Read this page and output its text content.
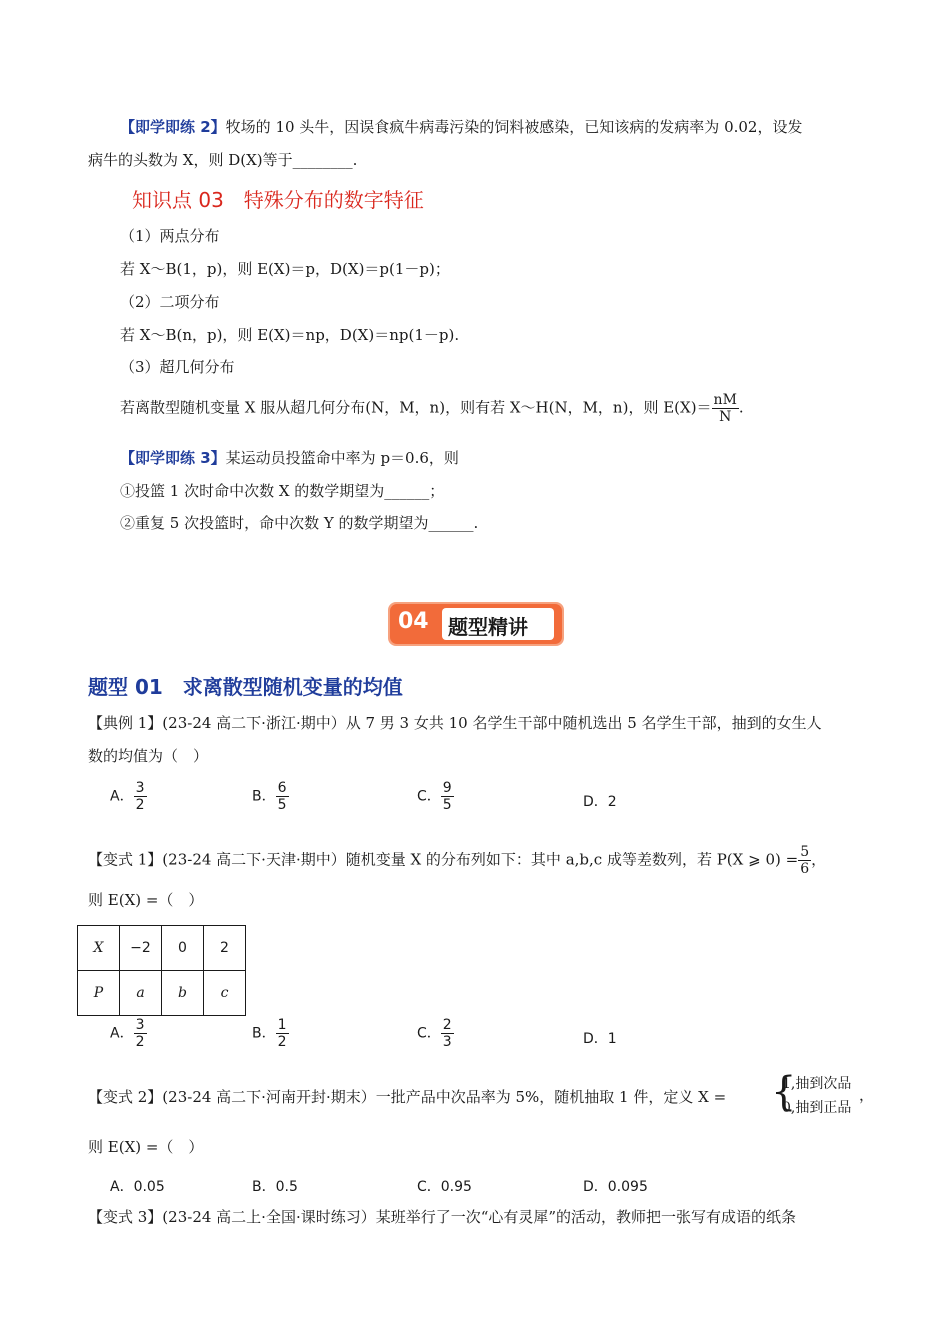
【即学即练 2】牧场的 10 头牛，因误食疯牛病毒污染的饲料被感染，已知该病的发病率为 0.02，设发
病牛的头数为 X，则 D(X)等于________.
知识点 03　特殊分布的数字特征
（1）两点分布
若 X～B(1，p)，则 E(X)＝p，D(X)＝p(1－p)；
（2）二项分布
若 X～B(n，p)，则 E(X)＝np，D(X)＝np(1－p).
（3）超几何分布
若离散型随机变量 X 服从超几何分布(N，M，n)，则有若 X～H(N，M，n)，则 $E(X)= \frac{nM}{N}$ .
【即学即练 3】某运动员投篮命中率为 p＝0.6，则
①投篮 1 次时命中次数 X 的数学期望为______；
②重复 5 次投篮时，命中次数 Y 的数学期望为______.
04 题型精讲
题型 01　求离散型随机变量的均值
【典例 1】(23-24 高二下·浙江·期中）从 7 男 3 女共 10 名学生干部中随机选出 5 名学生干部，抽到的女生人
数的均值为（　）
A． $\frac{3}{2}$	B． $\frac{6}{5}$	C． $\frac{9}{5}$	D．2
【变式 1】(23-24 高二下·天津·期中）随机变量 X 的分布列如下：其中 a,b,c 成等差数列，若 P(X ⩾ $0) = \frac{5}{6}$ ，
则 E(X) =（　）
X	−2	0	2
P	a	b	c
A． $\frac{3}{2}$	B． $\frac{1}{2}$	C． $\frac{2}{3}$	D．1
【变式 2】(23-24 高二下·河南开封·期末）一批产品中次品率为 5%，随机抽取 1 件，定义 X = {
1,抽到次品
0,抽到正品
，
则 E(X) =（　）
A．0.05	B．0.5	C．0.95	D．0.095
【变式 3】(23-24 高二上·全国·课时练习）某班举行了一次“心有灵犀”的活动，教师把一张写有成语的纸条
